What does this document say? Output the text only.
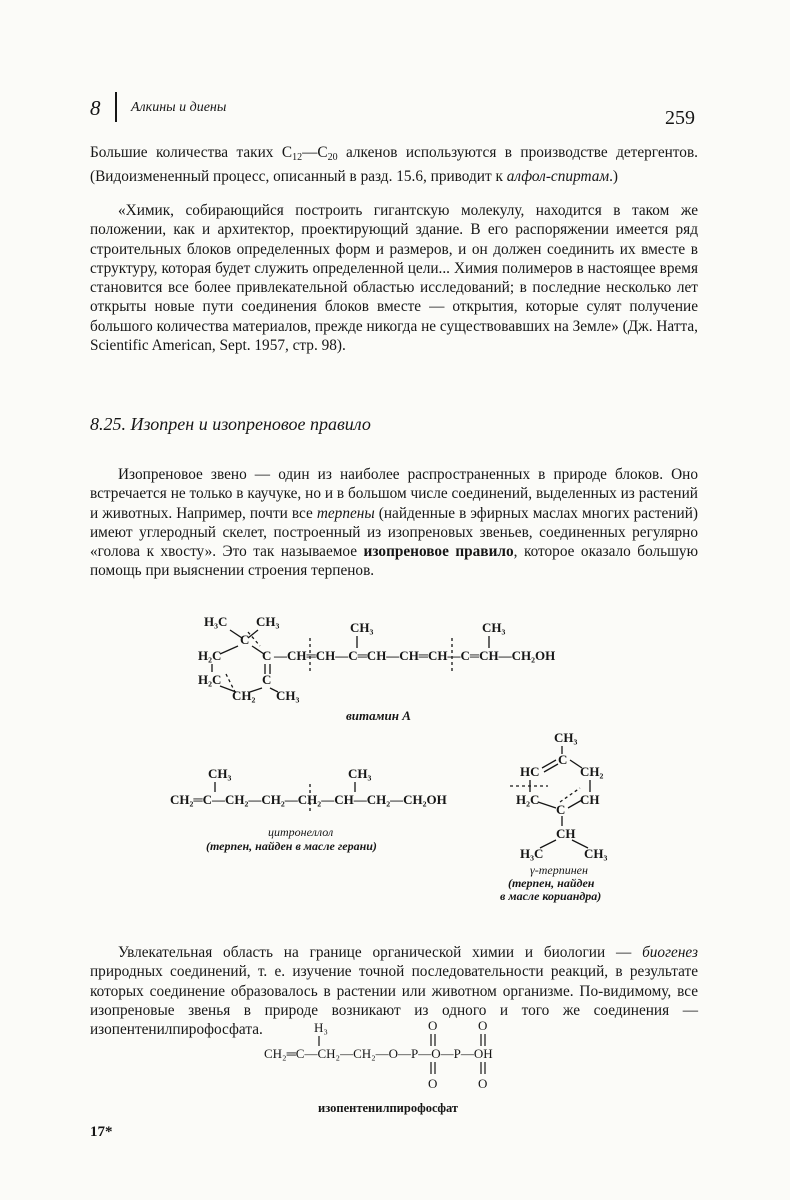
8 Алкины и диены	259

Большие количества таких $C_{12}—C_{20}$ алкенов используются в производстве детергентов. (Видоизмененный процесс, описанный в разд. 15.6, приводит к алфол-спиртам.)

«Химик, собирающийся построить гигантскую молекулу, находится в таком же положении, как и архитектор, проектирующий здание. В его распоряжении имеется ряд строительных блоков определенных форм и размеров, и он должен соединить их вместе в структуру, которая будет служить определенной цели... Химия полимеров в настоящее время становится все более привлекательной областью исследований; в последние несколько лет открыты новые пути соединения блоков вместе — открытия, которые сулят получение большого количества материалов, прежде никогда не существовавших на Земле» (Дж. Натта, Scientific American, Sept. 1957, стр. 98).

8.25. Изопрен и изопреновое правило

Изопреновое звено — один из наиболее распространенных в природе блоков. Оно встречается не только в каучуке, но и в большом числе соединений, выделенных из растений и животных. Например, почти все терпены (найденные в эфирных маслах многих растений) имеют углеродный скелет, построенный из изопреновых звеньев, соединенных регулярно «голова к хвосту». Это так называемое изопреновое правило, которое оказало большую помощь при выяснении строения терпенов.

H₃C CH₃
C
H₂C	C
H₂C	C
CH₂ CH₃
—CH═CH—C═CH—CH═CH—C═CH—CH₂OH
CH₃	CH₃
витамин A
CH₃	CH₃
CH₂═C—CH₂—CH₂—CH₂—CH—CH₂—CH₂OH
цитронеллол
(терпен, найден в масле герани)
CH₃
C
HC	CH₂
H₂C	CH
C
CH
H₃C	CH₃
γ-терпинен
(терпен, найден
в масле кориандра)

Увлекательная область на границе органической химии и биологии — биогенез природных соединений, т. е. изучение точной последовательности реакций, в результате которых соединение образовалось в растении или животном организме. По-видимому, все изопреновые звенья в природе возникают из одного и того же соединения — изопентенилпирофосфата.	H₃	O	O
CH₂═C—CH₂—CH₂—O—P—O—P—OH
O	O
изопентенилпирофосфат
17*
